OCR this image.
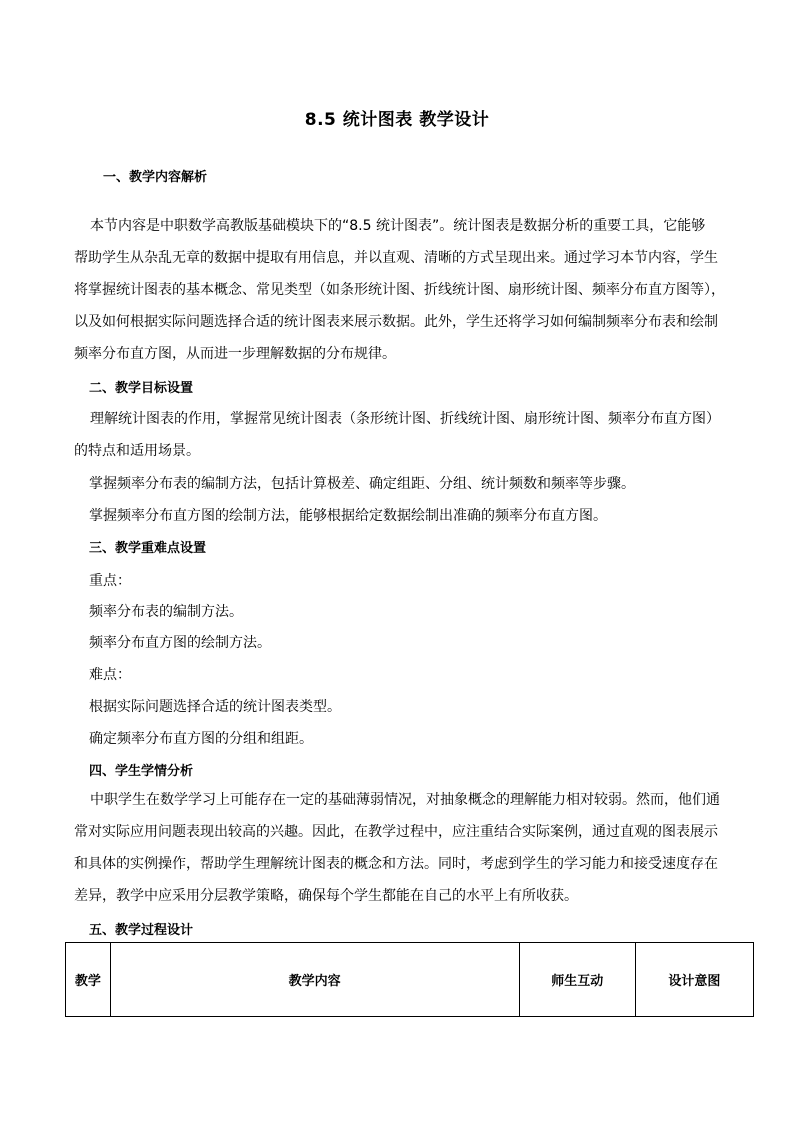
8.5 统计图表 教学设计
一、教学内容解析
本节内容是中职数学高教版基础模块下的“8.5 统计图表”。统计图表是数据分析的重要工具，它能够
帮助学生从杂乱无章的数据中提取有用信息，并以直观、清晰的方式呈现出来。通过学习本节内容，学生
将掌握统计图表的基本概念、常见类型（如条形统计图、折线统计图、扇形统计图、频率分布直方图等），
以及如何根据实际问题选择合适的统计图表来展示数据。此外，学生还将学习如何编制频率分布表和绘制
频率分布直方图，从而进一步理解数据的分布规律。
二、教学目标设置
理解统计图表的作用，掌握常见统计图表（条形统计图、折线统计图、扇形统计图、频率分布直方图）
的特点和适用场景。
掌握频率分布表的编制方法，包括计算极差、确定组距、分组、统计频数和频率等步骤。
掌握频率分布直方图的绘制方法，能够根据给定数据绘制出准确的频率分布直方图。
三、教学重难点设置
重点：
频率分布表的编制方法。
频率分布直方图的绘制方法。
难点：
根据实际问题选择合适的统计图表类型。
确定频率分布直方图的分组和组距。
四、学生学情分析
中职学生在数学学习上可能存在一定的基础薄弱情况，对抽象概念的理解能力相对较弱。然而，他们通
常对实际应用问题表现出较高的兴趣。因此，在教学过程中，应注重结合实际案例，通过直观的图表展示
和具体的实例操作，帮助学生理解统计图表的概念和方法。同时，考虑到学生的学习能力和接受速度存在
差异，教学中应采用分层教学策略，确保每个学生都能在自己的水平上有所收获。
五、教学过程设计
教学	教学内容	师生互动	设计意图
